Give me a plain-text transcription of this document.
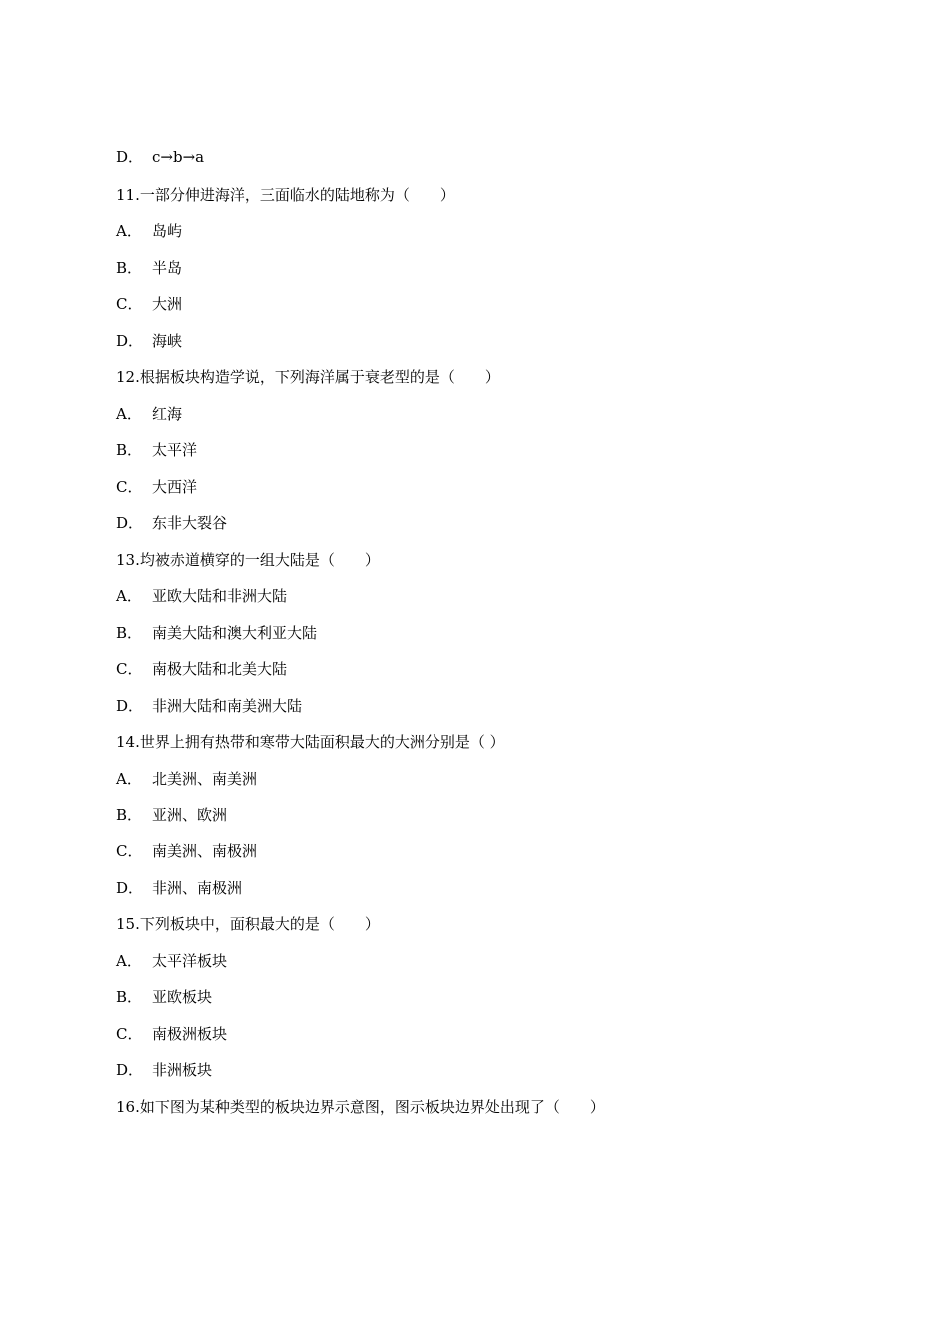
D． c→b→a
11.一部分伸进海洋，三面临水的陆地称为（　　）
A． 岛屿
B． 半岛
C． 大洲
D． 海峡
12.根据板块构造学说，下列海洋属于衰老型的是（　　）
A． 红海
B． 太平洋
C． 大西洋
D． 东非大裂谷
13.均被赤道横穿的一组大陆是（　　）
A． 亚欧大陆和非洲大陆
B． 南美大陆和澳大利亚大陆
C． 南极大陆和北美大陆
D． 非洲大陆和南美洲大陆
14.世界上拥有热带和寒带大陆面积最大的大洲分别是（ ）
A． 北美洲、南美洲
B． 亚洲、欧洲
C． 南美洲、南极洲
D． 非洲、南极洲
15.下列板块中，面积最大的是（　　）
A． 太平洋板块
B． 亚欧板块
C． 南极洲板块
D． 非洲板块
16.如下图为某种类型的板块边界示意图，图示板块边界处出现了（　　）
